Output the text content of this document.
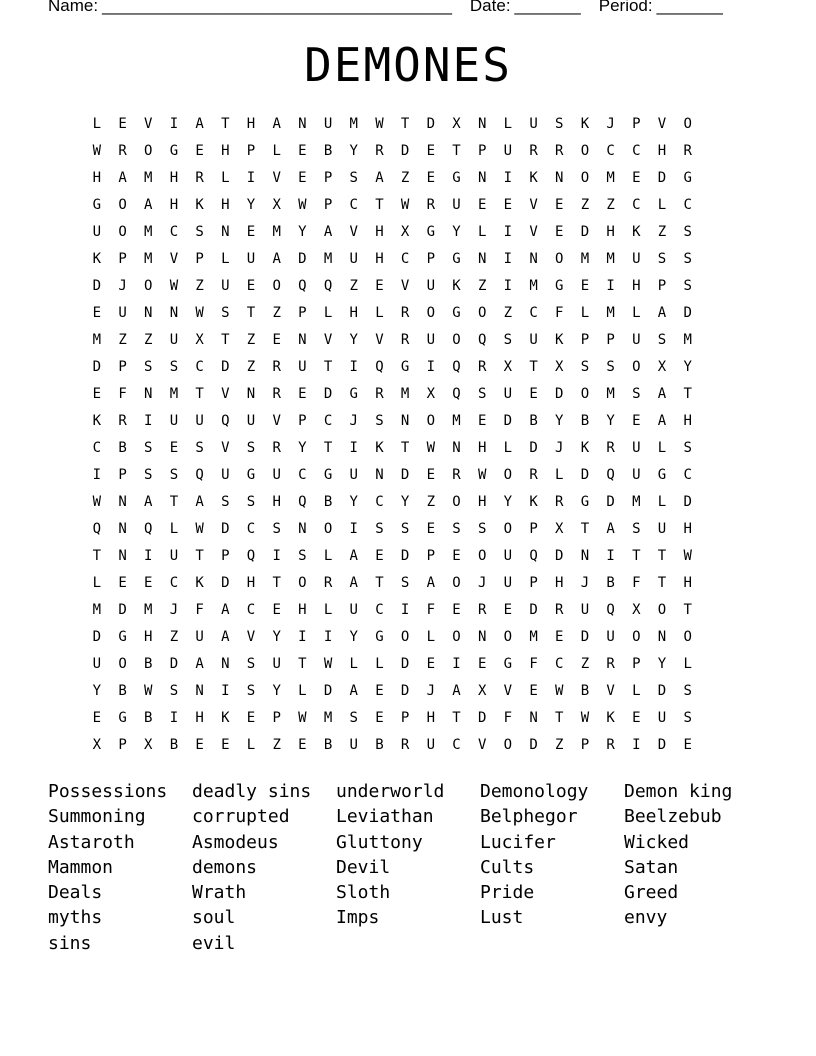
Name: _____________________________________ Date: _______ Period: _______
DEMONES
L	E	V	I	A	T	H	A	N	U	M	W	T	D	X	N	L	U	S	K	J	P	V	O
W	R	O	G	E	H	P	L	E	B	Y	R	D	E	T	P	U	R	R	O	C	C	H	R
H	A	M	H	R	L	I	V	E	P	S	A	Z	E	G	N	I	K	N	O	M	E	D	G
G	O	A	H	K	H	Y	X	W	P	C	T	W	R	U	E	E	V	E	Z	Z	C	L	C
U	O	M	C	S	N	E	M	Y	A	V	H	X	G	Y	L	I	V	E	D	H	K	Z	S
K	P	M	V	P	L	U	A	D	M	U	H	C	P	G	N	I	N	O	M	M	U	S	S
D	J	O	W	Z	U	E	O	Q	Q	Z	E	V	U	K	Z	I	M	G	E	I	H	P	S
E	U	N	N	W	S	T	Z	P	L	H	L	R	O	G	O	Z	C	F	L	M	L	A	D
M	Z	Z	U	X	T	Z	E	N	V	Y	V	R	U	O	Q	S	U	K	P	P	U	S	M
D	P	S	S	C	D	Z	R	U	T	I	Q	G	I	Q	R	X	T	X	S	S	O	X	Y
E	F	N	M	T	V	N	R	E	D	G	R	M	X	Q	S	U	E	D	O	M	S	A	T
K	R	I	U	U	Q	U	V	P	C	J	S	N	O	M	E	D	B	Y	B	Y	E	A	H
C	B	S	E	S	V	S	R	Y	T	I	K	T	W	N	H	L	D	J	K	R	U	L	S
I	P	S	S	Q	U	G	U	C	G	U	N	D	E	R	W	O	R	L	D	Q	U	G	C
W	N	A	T	A	S	S	H	Q	B	Y	C	Y	Z	O	H	Y	K	R	G	D	M	L	D
Q	N	Q	L	W	D	C	S	N	O	I	S	S	E	S	S	O	P	X	T	A	S	U	H
T	N	I	U	T	P	Q	I	S	L	A	E	D	P	E	O	U	Q	D	N	I	T	T	W
L	E	E	C	K	D	H	T	O	R	A	T	S	A	O	J	U	P	H	J	B	F	T	H
M	D	M	J	F	A	C	E	H	L	U	C	I	F	E	R	E	D	R	U	Q	X	O	T
D	G	H	Z	U	A	V	Y	I	I	Y	G	O	L	O	N	O	M	E	D	U	O	N	O
U	O	B	D	A	N	S	U	T	W	L	L	D	E	I	E	G	F	C	Z	R	P	Y	L
Y	B	W	S	N	I	S	Y	L	D	A	E	D	J	A	X	V	E	W	B	V	L	D	S
E	G	B	I	H	K	E	P	W	M	S	E	P	H	T	D	F	N	T	W	K	E	U	S
X	P	X	B	E	E	L	Z	E	B	U	B	R	U	C	V	O	D	Z	P	R	I	D	E
Possessions	deadly sins	underworld	Demonology	Demon king
Summoning	corrupted	Leviathan	Belphegor	Beelzebub
Astaroth	Asmodeus	Gluttony	Lucifer	Wicked
Mammon	demons	Devil	Cults	Satan
Deals	Wrath	Sloth	Pride	Greed
myths	soul	Imps	Lust	envy
sins	evil
